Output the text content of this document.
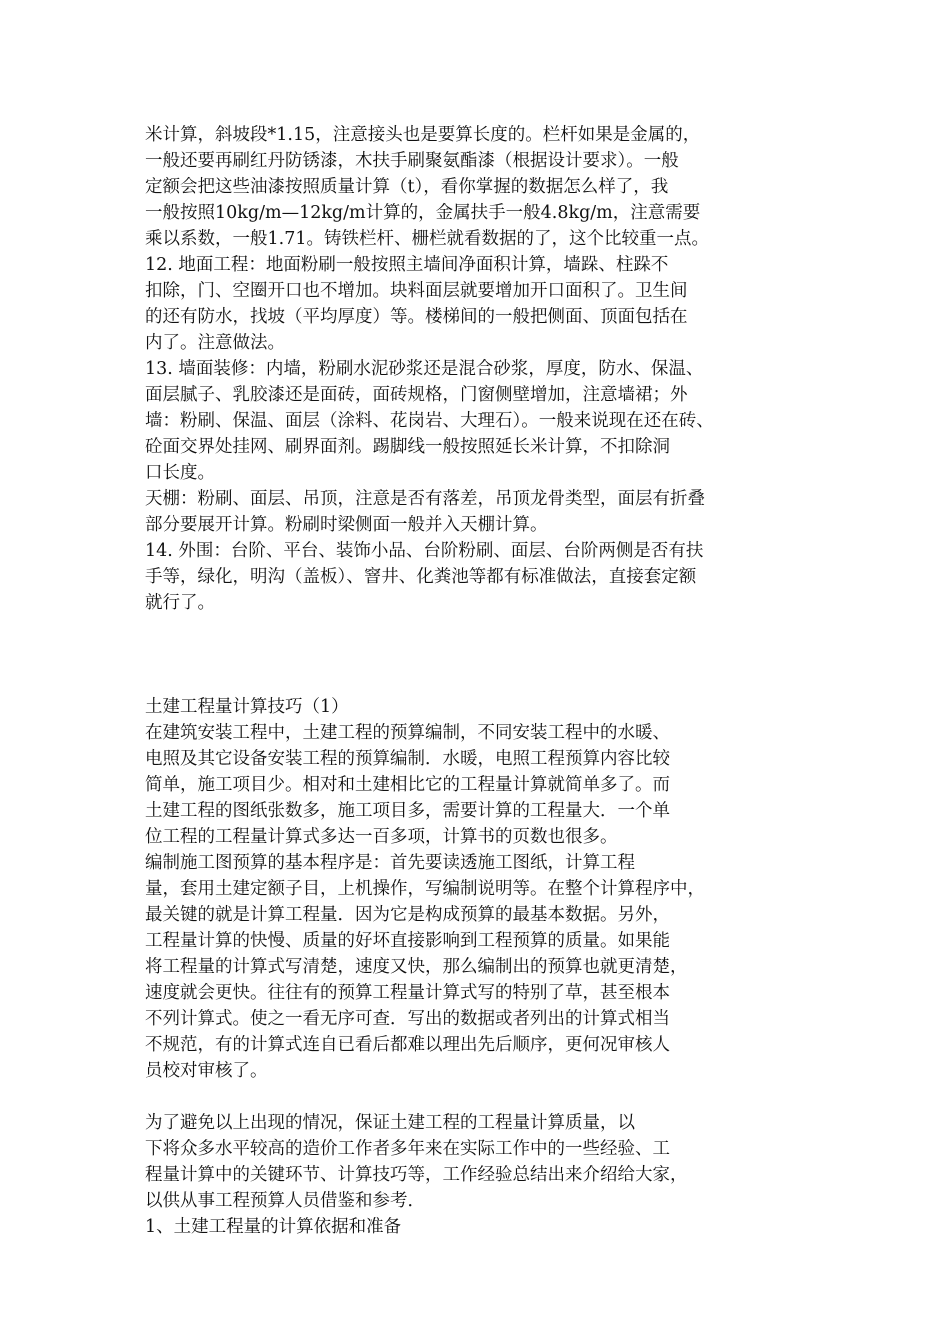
米计算，斜坡段*1.15，注意接头也是要算长度的。栏杆如果是金属的，
一般还要再刷红丹防锈漆，木扶手刷聚氨酯漆（根据设计要求）。一般
定额会把这些油漆按照质量计算（t），看你掌握的数据怎么样了，我
一般按照10kg/m—12kg/m计算的，金属扶手一般4.8kg/m，注意需要
乘以系数，一般1.71。铸铁栏杆、栅栏就看数据的了，这个比较重一点。
12. 地面工程：地面粉刷一般按照主墙间净面积计算，墙跺、柱跺不
扣除，门、空圈开口也不增加。块料面层就要增加开口面积了。卫生间
的还有防水，找坡（平均厚度）等。楼梯间的一般把侧面、顶面包括在
内了。注意做法。
13. 墙面装修：内墙，粉刷水泥砂浆还是混合砂浆，厚度，防水、保温、
面层腻子、乳胶漆还是面砖，面砖规格，门窗侧壁增加，注意墙裙；外
墙：粉刷、保温、面层（涂料、花岗岩、大理石）。一般来说现在还在砖、
砼面交界处挂网、刷界面剂。踢脚线一般按照延长米计算，不扣除洞
口长度。
天棚：粉刷、面层、吊顶，注意是否有落差，吊顶龙骨类型，面层有折叠
部分要展开计算。粉刷时梁侧面一般并入天棚计算。
14. 外围：台阶、平台、装饰小品、台阶粉刷、面层、台阶两侧是否有扶
手等，绿化，明沟（盖板）、窨井、化粪池等都有标准做法，直接套定额
就行了。
土建工程量计算技巧（1）
在建筑安装工程中，土建工程的预算编制，不同安装工程中的水暖、
电照及其它设备安装工程的预算编制．水暖，电照工程预算内容比较
简单，施工项目少。相对和土建相比它的工程量计算就简单多了。而
土建工程的图纸张数多，施工项目多，需要计算的工程量大．一个单
位工程的工程量计算式多达一百多项，计算书的页数也很多。
编制施工图预算的基本程序是：首先要读透施工图纸，计算工程
量，套用土建定额子目，上机操作，写编制说明等。在整个计算程序中，
最关键的就是计算工程量．因为它是构成预算的最基本数据。另外，
工程量计算的快慢、质量的好坏直接影响到工程预算的质量。如果能
将工程量的计算式写清楚，速度又快，那么编制出的预算也就更清楚，
速度就会更快。往往有的预算工程量计算式写的特别了草，甚至根本
不列计算式。使之一看无序可查．写出的数据或者列出的计算式相当
不规范，有的计算式连自已看后都难以理出先后顺序，更何况审核人
员校对审核了。
为了避免以上出现的情况，保证土建工程的工程量计算质量，以
下将众多水平较高的造价工作者多年来在实际工作中的一些经验、工
程量计算中的关键环节、计算技巧等，工作经验总结出来介绍给大家，
以供从事工程预算人员借鉴和参考．
1、土建工程量的计算依据和准备
